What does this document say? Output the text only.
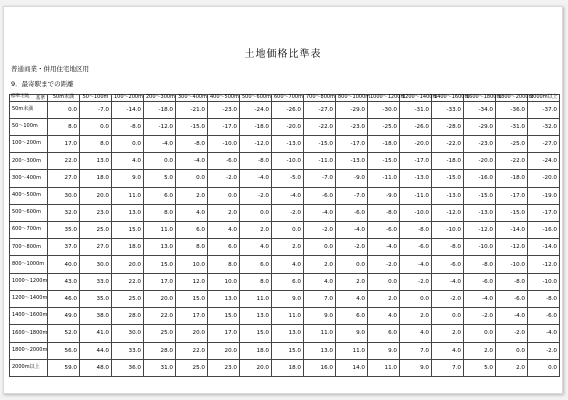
土地価格比準表
普通商業・併用住宅地区用
9．最寄駅までの距離
基準
標準宅地	50m未満	50～100m	100～200m	200～300m	300～400m	400～500m	500～600m	600～700m	700～800m	800～1000m	1000～1200m	1200～1400m	1400～1600m	1600～1800m	1800～2000m	2000m以上
50m未満	0.0	-7.0	-14.0	-18.0	-21.0	-23.0	-24.0	-26.0	-27.0	-29.0	-30.0	-31.0	-33.0	-34.0	-36.0	-37.0
50～100m	8.0	0.0	-8.0	-12.0	-15.0	-17.0	-18.0	-20.0	-22.0	-23.0	-25.0	-26.0	-28.0	-29.0	-31.0	-32.0
100～200m	17.0	8.0	0.0	-4.0	-8.0	-10.0	-12.0	-13.0	-15.0	-17.0	-18.0	-20.0	-22.0	-23.0	-25.0	-27.0
200～300m	22.0	13.0	4.0	0.0	-4.0	-6.0	-8.0	-10.0	-11.0	-13.0	-15.0	-17.0	-18.0	-20.0	-22.0	-24.0
300～400m	27.0	18.0	9.0	5.0	0.0	-2.0	-4.0	-5.0	-7.0	-9.0	-11.0	-13.0	-15.0	-16.0	-18.0	-20.0
400～500m	30.0	20.0	11.0	6.0	2.0	0.0	-2.0	-4.0	-6.0	-7.0	-9.0	-11.0	-13.0	-15.0	-17.0	-19.0
500～600m	32.0	23.0	13.0	8.0	4.0	2.0	0.0	-2.0	-4.0	-6.0	-8.0	-10.0	-12.0	-13.0	-15.0	-17.0
600～700m	35.0	25.0	15.0	11.0	6.0	4.0	2.0	0.0	-2.0	-4.0	-6.0	-8.0	-10.0	-12.0	-14.0	-16.0
700～800m	37.0	27.0	18.0	13.0	8.0	6.0	4.0	2.0	0.0	-2.0	-4.0	-6.0	-8.0	-10.0	-12.0	-14.0
800～1000m	40.0	30.0	20.0	15.0	10.0	8.0	6.0	4.0	2.0	0.0	-2.0	-4.0	-6.0	-8.0	-10.0	-12.0
1000～1200m	43.0	33.0	22.0	17.0	12.0	10.0	8.0	6.0	4.0	2.0	0.0	-2.0	-4.0	-6.0	-8.0	-10.0
1200～1400m	46.0	35.0	25.0	20.0	15.0	13.0	11.0	9.0	7.0	4.0	2.0	0.0	-2.0	-4.0	-6.0	-8.0
1400～1600m	49.0	38.0	28.0	22.0	17.0	15.0	13.0	11.0	9.0	6.0	4.0	2.0	0.0	-2.0	-4.0	-6.0
1600～1800m	52.0	41.0	30.0	25.0	20.0	17.0	15.0	13.0	11.0	9.0	6.0	4.0	2.0	0.0	-2.0	-4.0
1800～2000m	56.0	44.0	33.0	28.0	22.0	20.0	18.0	15.0	13.0	11.0	9.0	7.0	4.0	2.0	0.0	-2.0
2000m以上	59.0	48.0	36.0	31.0	25.0	23.0	20.0	18.0	16.0	14.0	11.0	9.0	7.0	5.0	2.0	0.0
